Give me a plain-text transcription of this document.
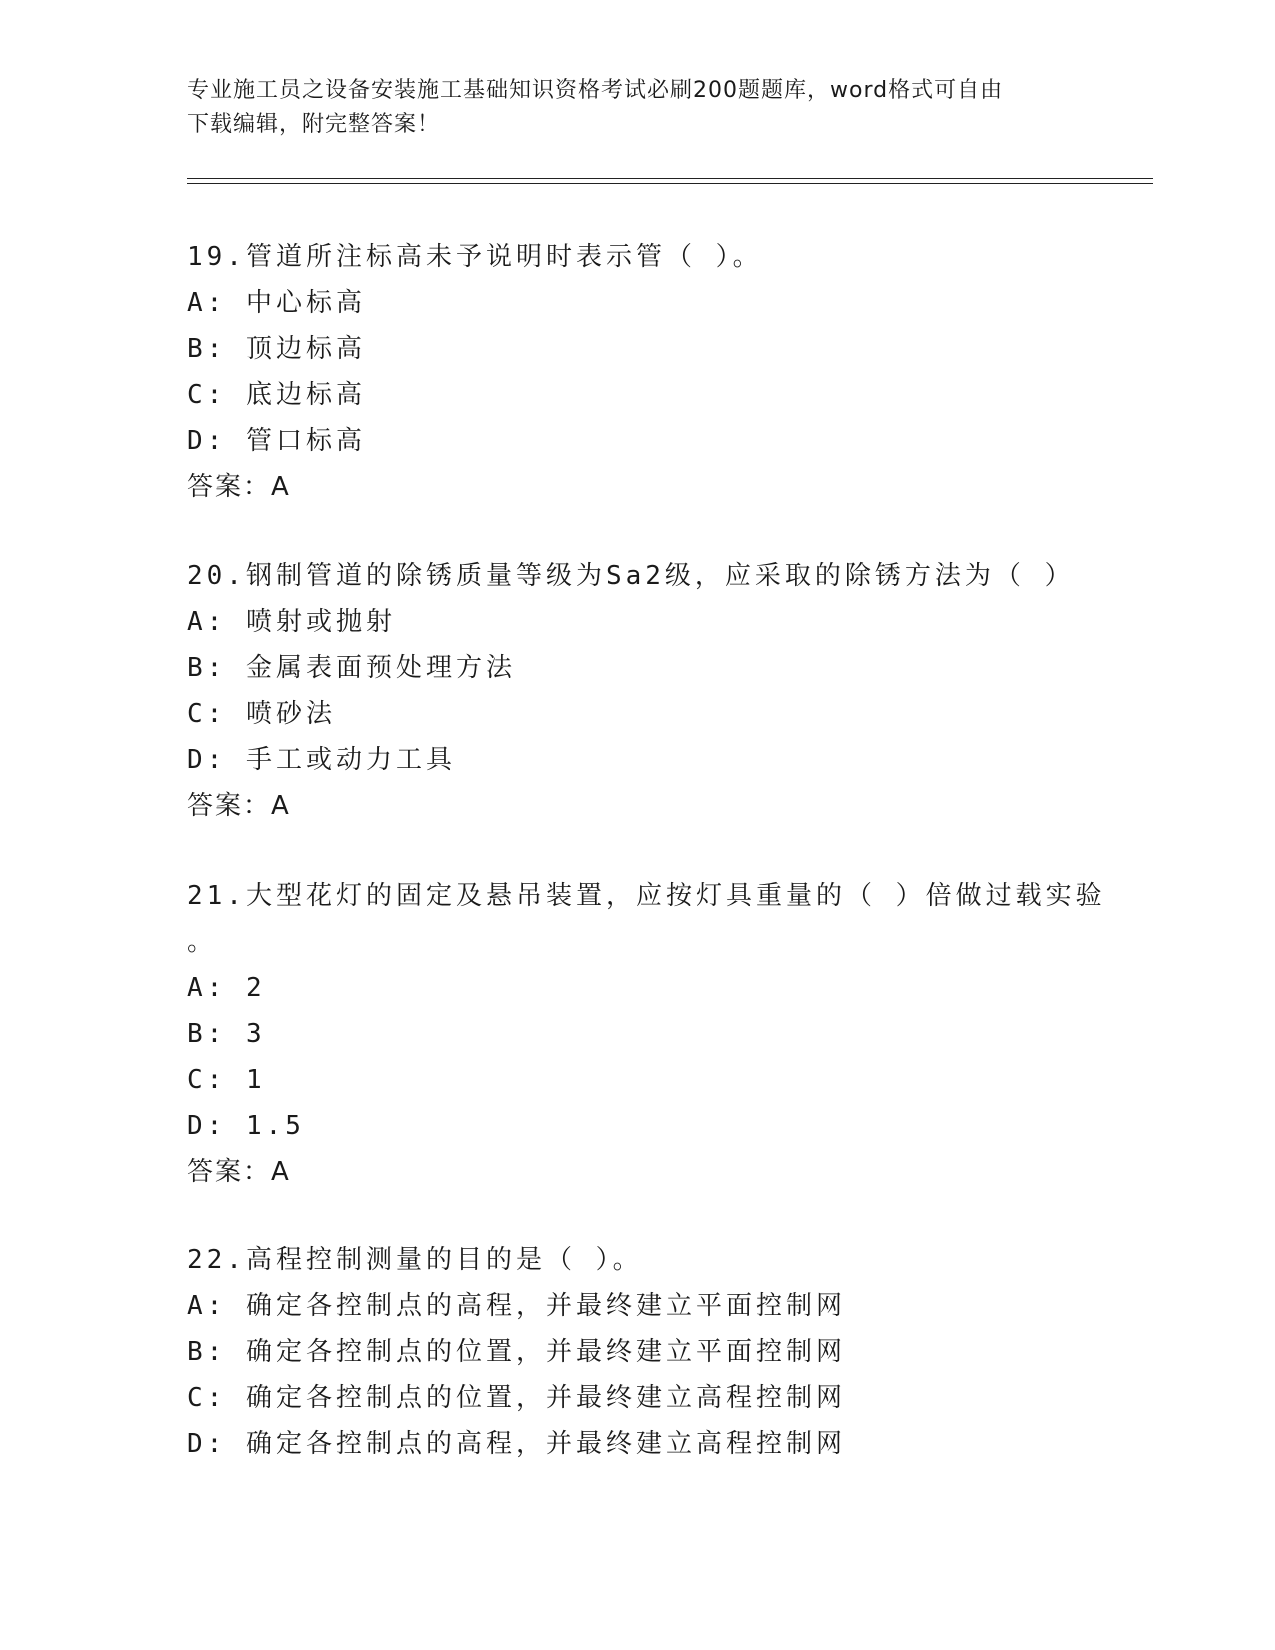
专业施工员之设备安装施工基础知识资格考试必刷200题题库，word格式可自由
下载编辑，附完整答案！
19.管道所注标高未予说明时表示管（ ）。
A: 中心标高
B: 顶边标高
C: 底边标高
D: 管口标高
答案：A
20.钢制管道的除锈质量等级为Sa2级，应采取的除锈方法为（ ）
A: 喷射或抛射
B: 金属表面预处理方法
C: 喷砂法
D: 手工或动力工具
答案：A
21.大型花灯的固定及悬吊装置，应按灯具重量的（ ）倍做过载实验
。
A: 2
B: 3
C: 1
D: 1.5
答案：A
22.高程控制测量的目的是（ ）。
A: 确定各控制点的高程，并最终建立平面控制网
B: 确定各控制点的位置，并最终建立平面控制网
C: 确定各控制点的位置，并最终建立高程控制网
D: 确定各控制点的高程，并最终建立高程控制网
